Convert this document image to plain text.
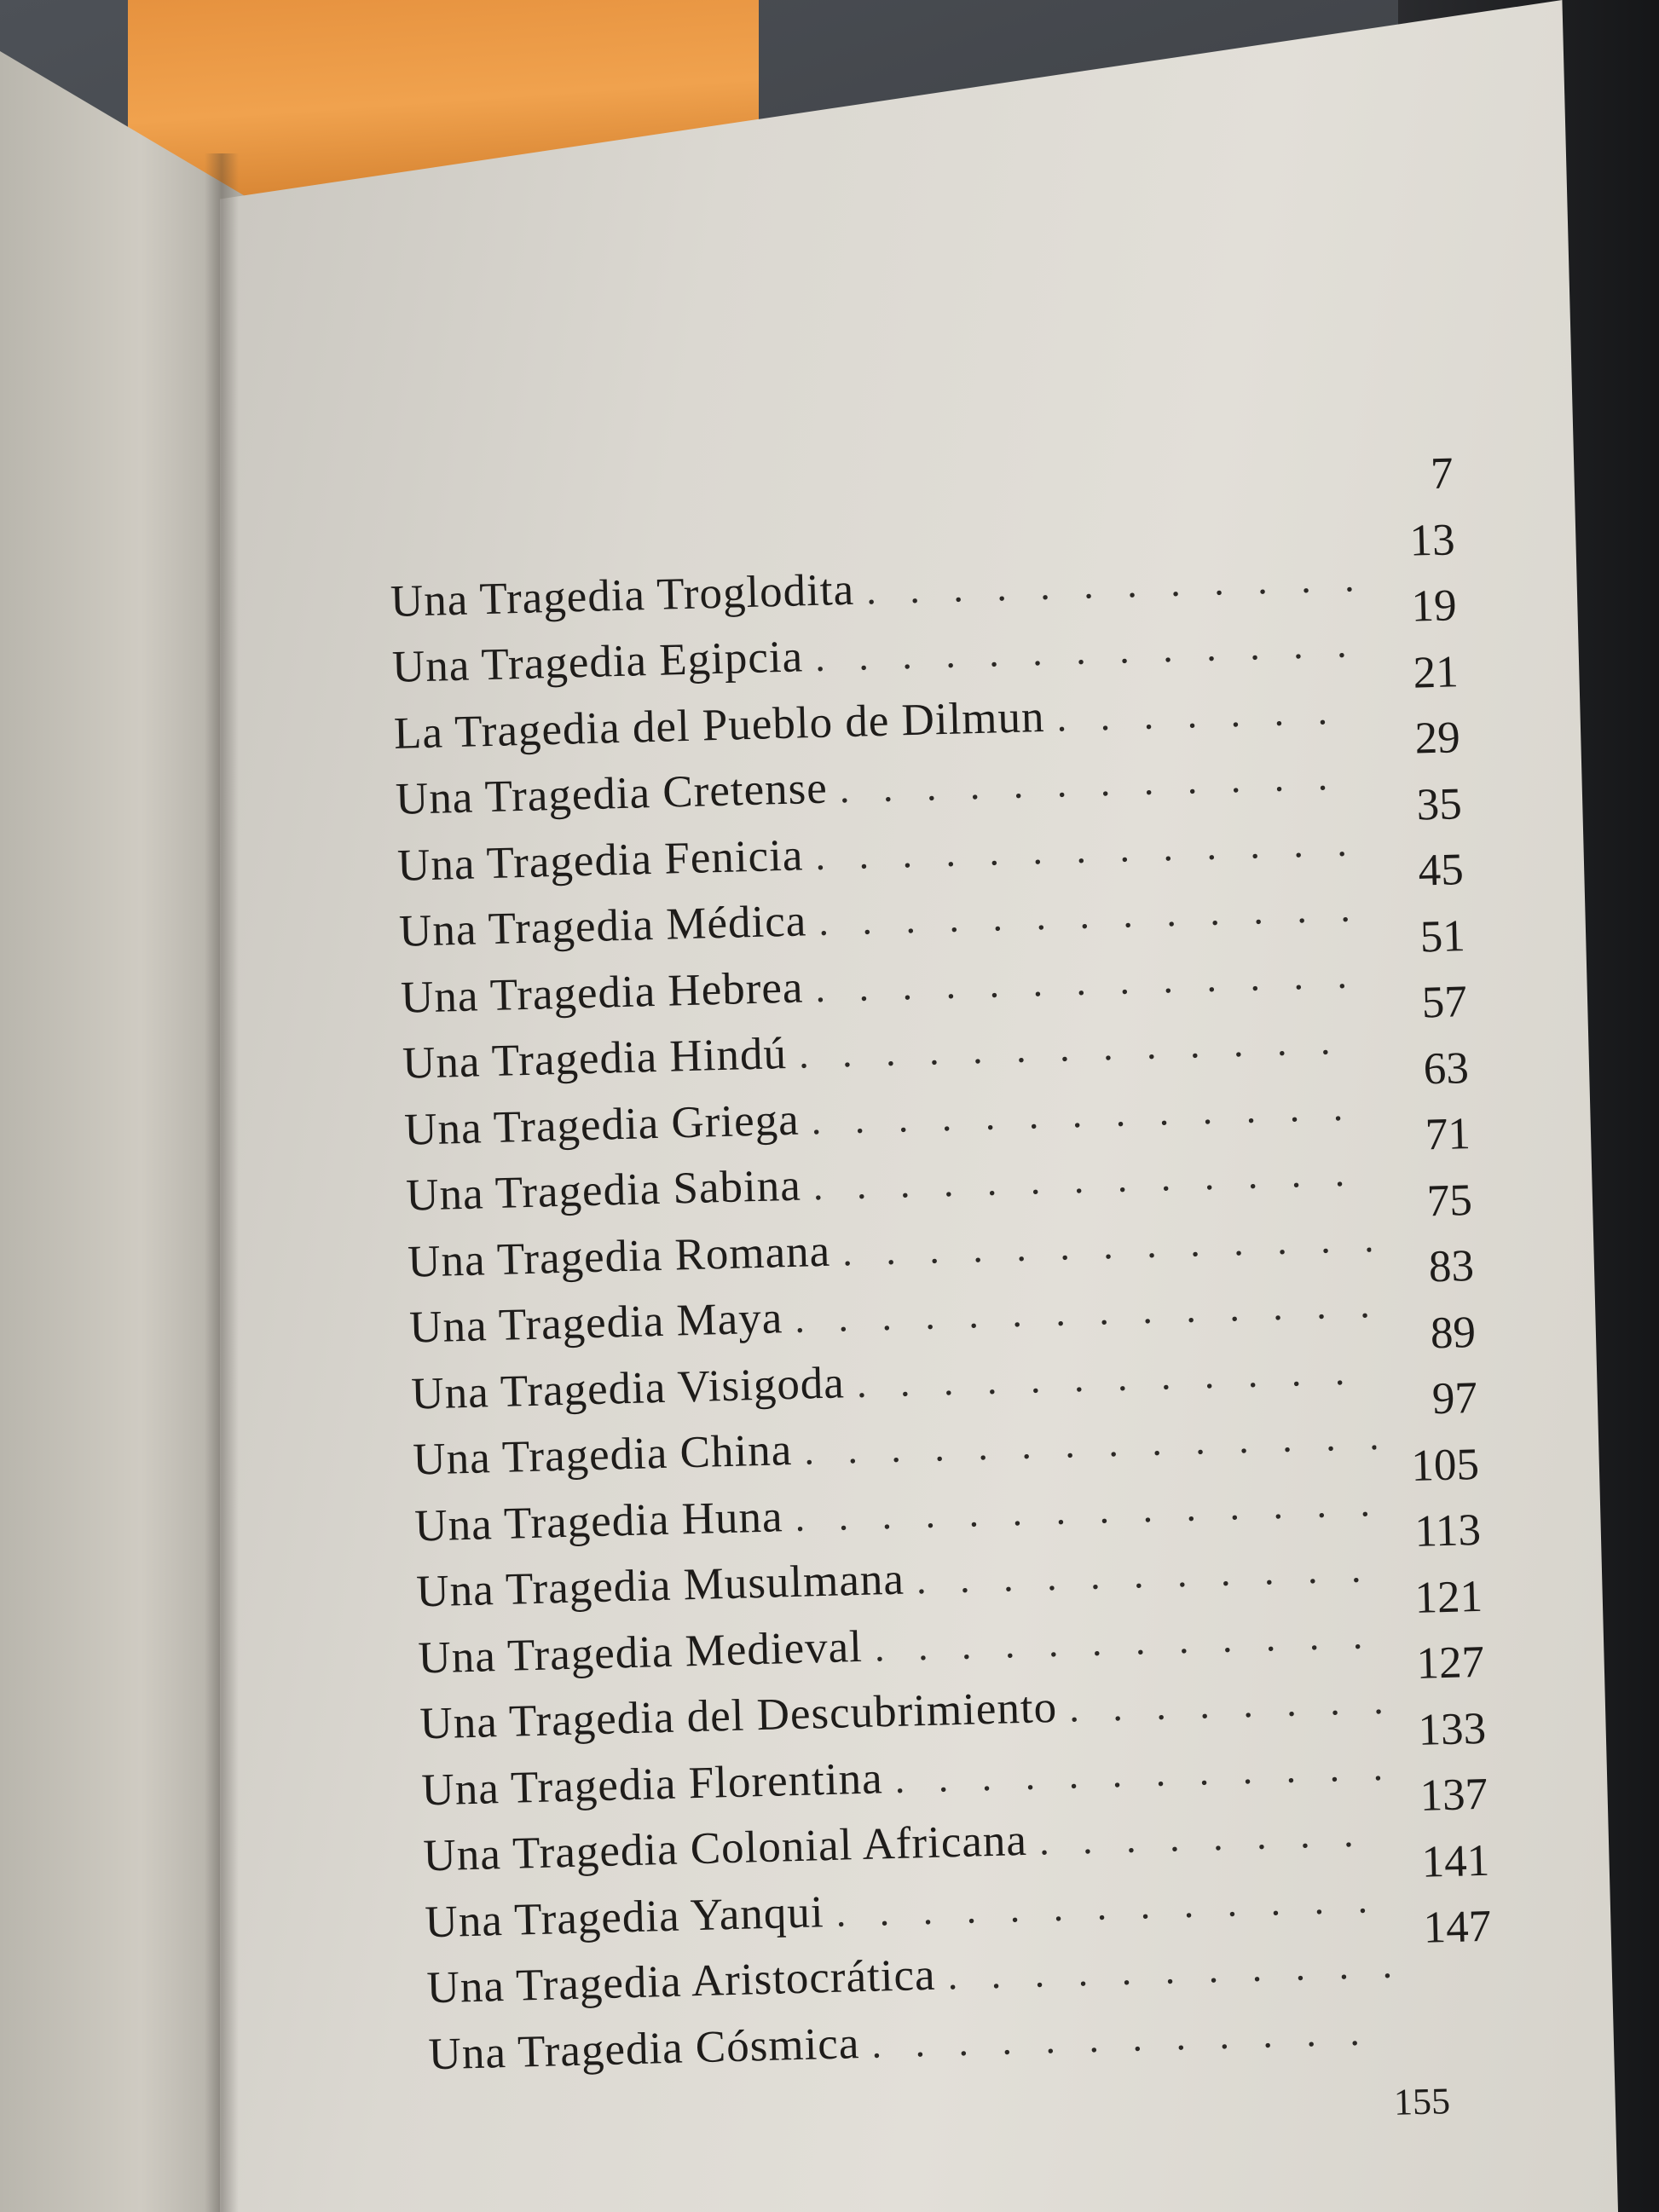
7
Una Tragedia Troglodita
. . .
13
Una Tragedia Egipcia
. . .
19
La Tragedia del Pueblo de Dilmun
. . .
21
Una Tragedia Cretense
. . .
29
Una Tragedia Fenicia
. . .
35
Una Tragedia Médica
. . .
45
Una Tragedia Hebrea
. . .
51
Una Tragedia Hindú
. . .
57
Una Tragedia Griega
. . .
63
Una Tragedia Sabina
. . .
71
Una Tragedia Romana
. . .
75
Una Tragedia Maya
. . .
83
Una Tragedia Visigoda
. . .
89
Una Tragedia China
. . .
97
Una Tragedia Huna
. . .
105
Una Tragedia Musulmana
. . .
113
Una Tragedia Medieval
. . .
121
Una Tragedia del Descubrimiento
. . .
127
Una Tragedia Florentina
. . .
133
Una Tragedia Colonial Africana
. . .
137
Una Tragedia Yanqui
. . .
141
Una Tragedia Aristocrática
. . .
147
Una Tragedia Cósmica
. . .
155
